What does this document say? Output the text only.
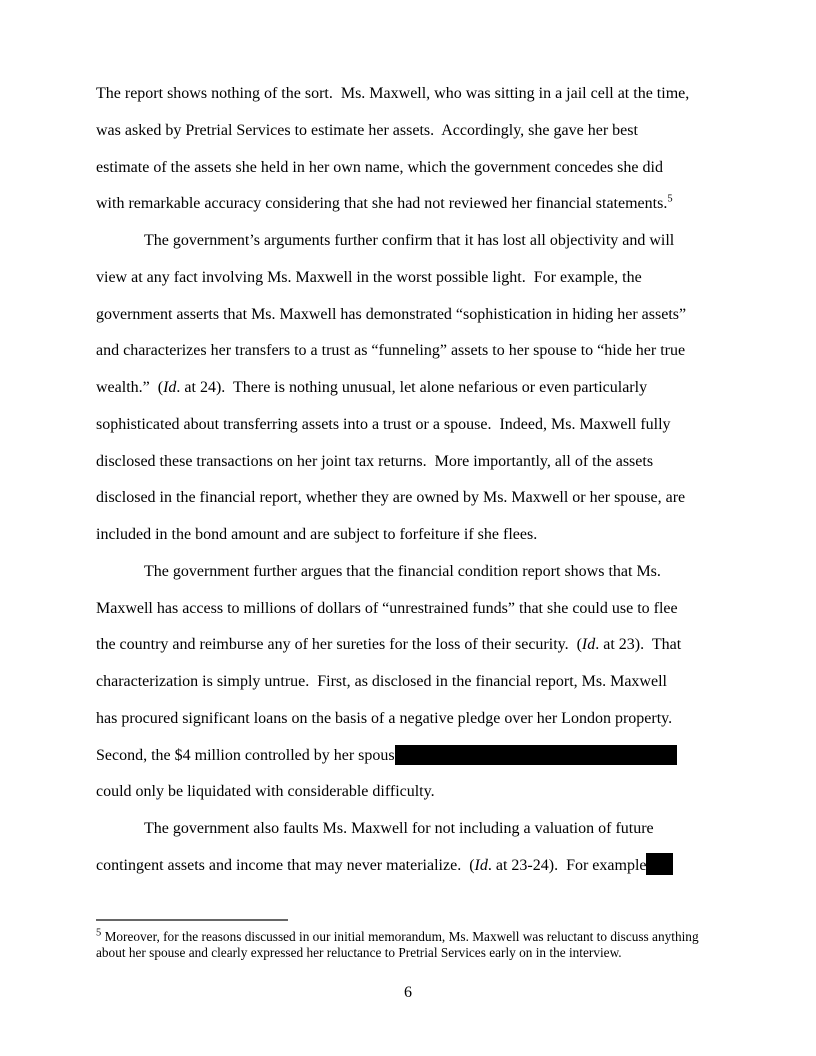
The report shows nothing of the sort.  Ms. Maxwell, who was sitting in a jail cell at the time,
was asked by Pretrial Services to estimate her assets.  Accordingly, she gave her best
estimate of the assets she held in her own name, which the government concedes she did
with remarkable accuracy considering that she had not reviewed her financial statements.$^5$
The government’s arguments further confirm that it has lost all objectivity and will
view at any fact involving Ms. Maxwell in the worst possible light.  For example, the
government asserts that Ms. Maxwell has demonstrated “sophistication in hiding her assets”
and characterizes her transfers to a trust as “funneling” assets to her spouse to “hide her true
wealth.”  (Id. at 24).  There is nothing unusual, let alone nefarious or even particularly
sophisticated about transferring assets into a trust or a spouse.  Indeed, Ms. Maxwell fully
disclosed these transactions on her joint tax returns.  More importantly, all of the assets
disclosed in the financial report, whether they are owned by Ms. Maxwell or her spouse, are
included in the bond amount and are subject to forfeiture if she flees.
The government further argues that the financial condition report shows that Ms.
Maxwell has access to millions of dollars of “unrestrained funds” that she could use to flee
the country and reimburse any of her sureties for the loss of their security.  (Id. at 23).  That
characterization is simply untrue.  First, as disclosed in the financial report, Ms. Maxwell
has procured significant loans on the basis of a negative pledge over her London property.
Second, the $4 million controlled by her spous
could only be liquidated with considerable difficulty.
The government also faults Ms. Maxwell for not including a valuation of future
contingent assets and income that may never materialize.  (Id. at 23-24).  For example
$^5$ Moreover, for the reasons discussed in our initial memorandum, Ms. Maxwell was reluctant to discuss anything
about her spouse and clearly expressed her reluctance to Pretrial Services early on in the interview.
6
